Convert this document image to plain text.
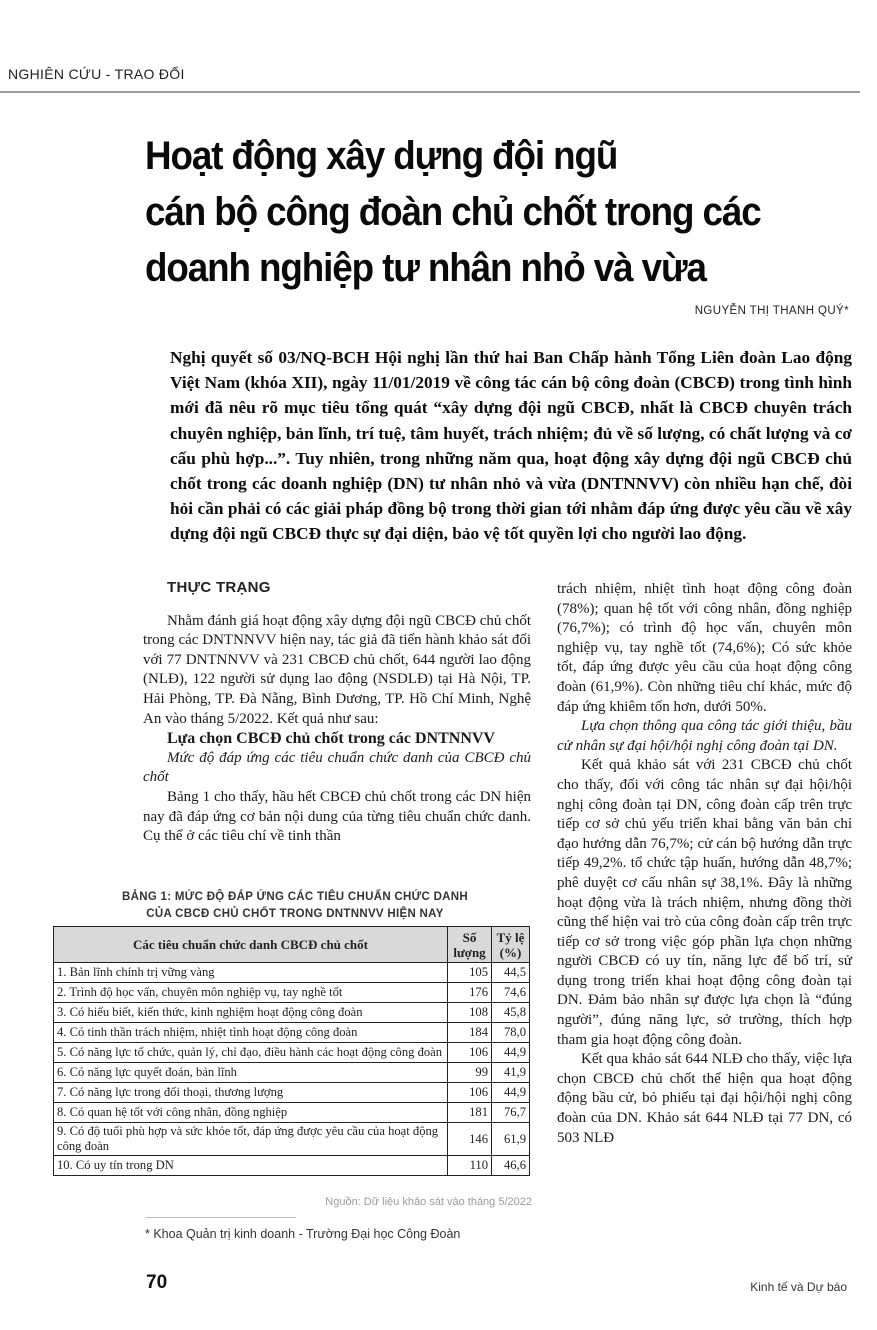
NGHIÊN CỨU - TRAO ĐỔI
Hoạt động xây dựng đội ngũ
cán bộ công đoàn chủ chốt trong các
doanh nghiệp tư nhân nhỏ và vừa
NGUYỄN THỊ THANH QUÝ*

Nghị quyết số 03/NQ-BCH Hội nghị lần thứ hai Ban Chấp hành Tổng Liên đoàn Lao động Việt Nam (khóa XII), ngày 11/01/2019 về công tác cán bộ công đoàn (CBCĐ) trong tình hình mới đã nêu rõ mục tiêu tổng quát “xây dựng đội ngũ CBCĐ, nhất là CBCĐ chuyên trách chuyên nghiệp, bản lĩnh, trí tuệ, tâm huyết, trách nhiệm; đủ về số lượng, có chất lượng và cơ cấu phù hợp...”. Tuy nhiên, trong những năm qua, hoạt động xây dựng đội ngũ CBCĐ chủ chốt trong các doanh nghiệp (DN) tư nhân nhỏ và vừa (DNTNNVV) còn nhiều hạn chế, đòi hỏi cần phải có các giải pháp đồng bộ trong thời gian tới nhằm đáp ứng được yêu cầu về xây dựng đội ngũ CBCĐ thực sự đại diện, bảo vệ tốt quyền lợi cho người lao động.

THỰC TRẠNG

Nhằm đánh giá hoạt động xây dựng đội ngũ CBCĐ chủ chốt trong các DNTNNVV hiện nay, tác giả đã tiến hành khảo sát đối với 77 DNTNNVV và 231 CBCĐ chủ chốt, 644 người lao động (NLĐ), 122 người sử dụng lao động (NSDLĐ) tại Hà Nội, TP. Hải Phòng, TP. Đà Nẵng, Bình Dương, TP. Hồ Chí Minh, Nghệ An vào tháng 5/2022. Kết quả như sau:

Lựa chọn CBCĐ chủ chốt trong các DNTNNVV

Mức độ đáp ứng các tiêu chuẩn chức danh của CBCĐ chủ chốt

Bảng 1 cho thấy, hầu hết CBCĐ chủ chốt trong các DN hiện nay đã đáp ứng cơ bản nội dung của từng tiêu chuẩn chức danh. Cụ thể ở các tiêu chí về tinh thần

trách nhiệm, nhiệt tình hoạt động công đoàn (78%); quan hệ tốt với công nhân, đồng nghiệp (76,7%); có trình độ học vấn, chuyên môn nghiệp vụ, tay nghề tốt (74,6%); Có sức khỏe tốt, đáp ứng được yêu cầu của hoạt động công đoàn (61,9%). Còn những tiêu chí khác, mức độ đáp ứng khiêm tốn hơn, dưới 50%.

Lựa chọn thông qua công tác giới thiệu, bầu cử nhân sự đại hội/hội nghị công đoàn tại DN.

Kết quả khảo sát với 231 CBCĐ chủ chốt cho thấy, đối với công tác nhân sự đại hội/hội nghị công đoàn tại DN, công đoàn cấp trên trực tiếp cơ sở chủ yếu triển khai bằng văn bản chỉ đạo hướng dẫn 76,7%; cử cán bộ hướng dẫn trực tiếp 49,2%. tổ chức tập huấn, hướng dẫn 48,7%; phê duyệt cơ cấu nhân sự 38,1%. Đây là những hoạt động vừa là trách nhiệm, nhưng đồng thời cũng thể hiện vai trò của công đoàn cấp trên trực tiếp cơ sở trong việc góp phần lựa chọn những người CBCĐ có uy tín, năng lực để bố trí, sử dụng trong triển khai hoạt động công đoàn tại DN. Đảm bảo nhân sự được lựa chọn là “đúng người”, đúng năng lực, sở trường, thích hợp tham gia hoạt động công đoàn.

Kết qua khảo sát 644 NLĐ cho thấy, việc lựa chọn CBCĐ chủ chốt thể hiện qua hoạt động động bầu cử, bỏ phiếu tại đại hội/hội nghị công đoàn của DN. Khảo sát 644 NLĐ tại 77 DN, có 503 NLĐ

BẢNG 1: MỨC ĐỘ ĐÁP ỨNG CÁC TIÊU CHUẨN CHỨC DANH
CỦA CBCĐ CHỦ CHỐT TRONG DNTNNVV HIỆN NAY
Các tiêu chuẩn chức danh CBCĐ chủ chốt	Số lượng	Tỷ lệ (%)
1. Bản lĩnh chính trị vững vàng	105	44,5
2. Trình độ học vấn, chuyên môn nghiệp vụ, tay nghề tốt	176	74,6
3. Có hiểu biết, kiến thức, kinh nghiệm hoạt động công đoàn	108	45,8
4. Có tinh thần trách nhiệm, nhiệt tình hoạt động công đoàn	184	78,0
5. Có năng lực tổ chức, quản lý, chỉ đạo, điều hành các hoạt động công đoàn	106	44,9
6. Có năng lực quyết đoán, bản lĩnh	99	41,9
7. Có năng lực trong đối thoại, thương lượng	106	44,9
8. Có quan hệ tốt với công nhân, đồng nghiệp	181	76,7
9. Có độ tuổi phù hợp và sức khỏe tốt, đáp ứng được yêu cầu của hoạt động công đoàn	146	61,9
10. Có uy tín trong DN	110	46,6
Nguồn: Dữ liệu khảo sát vào tháng 5/2022
* Khoa Quản trị kinh doanh - Trường Đại học Công Đoàn
70	Kinh tế và Dự báo
